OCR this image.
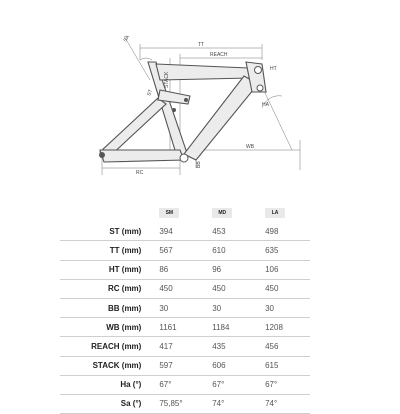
TT
REACH
STACK
HA
HT
WB
RC
BB
SA
ST
	SM	MD	LA
ST (mm)	394	453	498
TT (mm)	567	610	635
HT (mm)	86	96	106
RC (mm)	450	450	450
BB (mm)	30	30	30
WB (mm)	1161	1184	1208
REACH (mm)	417	435	456
STACK (mm)	597	606	615
Ha (°)	67°	67°	67°
Sa (°)	75,85°	74°	74°
